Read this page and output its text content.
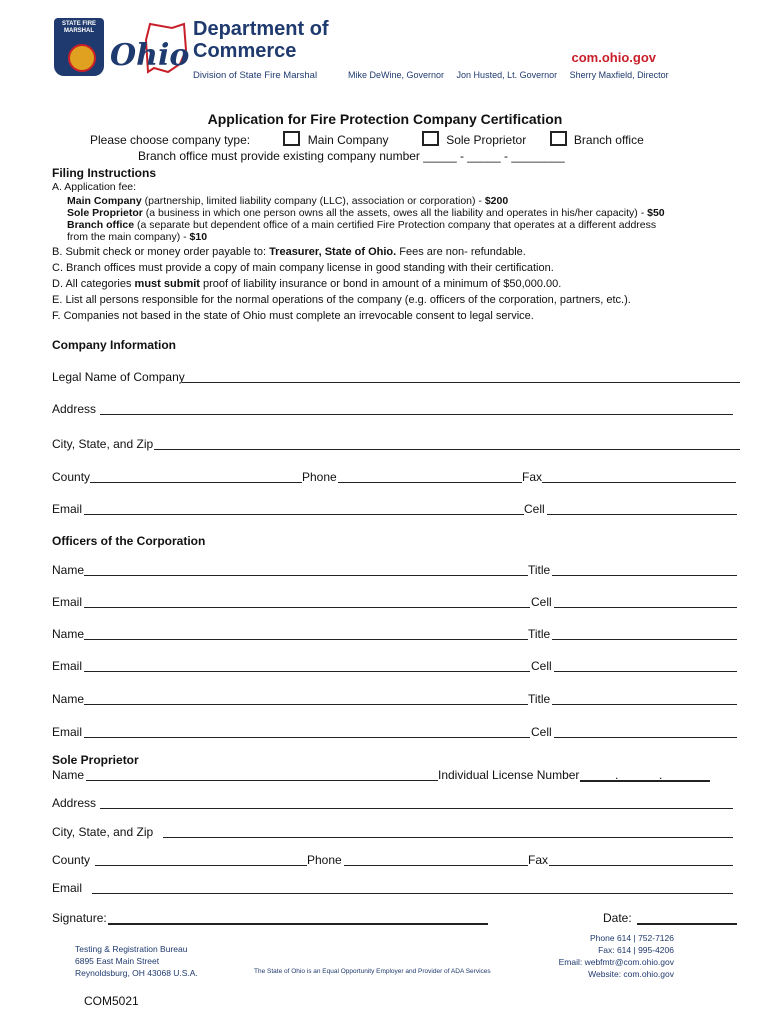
STATE FIRE MARSHAL
Ohio
Department of
Commerce
Division of State Fire Marshal
com.ohio.gov
Mike DeWine, Governor Jon Husted, Lt. Governor Sherry Maxfield, Director
Application for Fire Protection Company Certification
Please choose company type:	Main Company	Sole Proprietor	Branch office
Branch office must provide existing company number _____ - _____ - ________
Filing Instructions
A. Application fee:
Main Company (partnership, limited liability company (LLC), association or corporation) - $200
Sole Proprietor (a business in which one person owns all the assets, owes all the liability and operates in his/her capacity) - $50
Branch office (a separate but dependent office of a main certified Fire Protection company that operates at a different address
from the main company) - $10
B. Submit check or money order payable to: Treasurer, State of Ohio. Fees are non- refundable.
C. Branch offices must provide a copy of main company license in good standing with their certification.
D. All categories must submit proof of liability insurance or bond in amount of a minimum of $50,000.00.
E. List all persons responsible for the normal operations of the company (e.g. officers of the corporation, partners, etc.).
F. Companies not based in the state of Ohio must complete an irrevocable consent to legal service.
Company Information
Legal Name of Company
Address
City, State, and Zip
County	Phone	Fax
Email	Cell
Officers of the Corporation
Name	Title
Email	Cell
Name	Title
Email	Cell
Name	Title
Email	Cell
Sole Proprietor
Name	Individual License Number	.	.
Address
City, State, and Zip
County	Phone	Fax
Email
Signature:	Date:
Testing & Registration Bureau
6895 East Main Street
Reynoldsburg, OH 43068 U.S.A.	The State of Ohio is an Equal Opportunity Employer and Provider of ADA Services
Phone 614 | 752-7126
Fax: 614 | 995-4206
Email: webfmtr@com.ohio.gov
Website: com.ohio.gov
COM5021
